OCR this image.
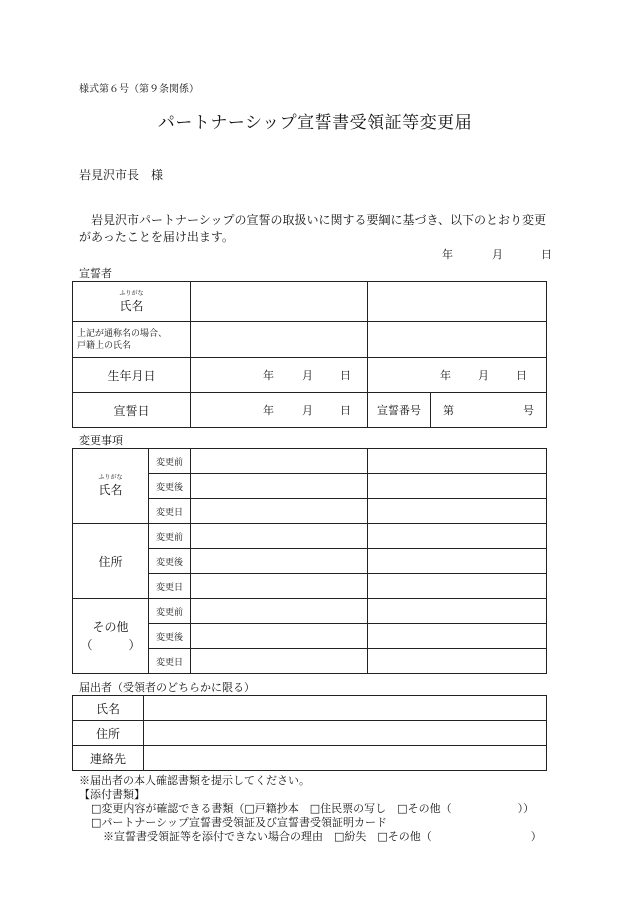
様式第６号（第９条関係）
パートナーシップ宣誓書受領証等変更届
岩見沢市長　様
岩見沢市パートナーシップの宣誓の取扱いに関する要綱に基づき、以下のとおり変更
があったことを届け出ます。
年	月	日
宣誓者
ふりがな
氏名			
上記が通称名の場合、
戸籍上の氏名			
生年月日	年 月 日	年 月 日	

宣誓日	年 月 日	宣誓番号	第 号
変更事項
ふりがな
氏名	変更前		
	変更後		
	変更日		
住所	変更前		
	変更後		
	変更日		
その他
（　　　）	変更前		
	変更後		
	変更日		
届出者（受領者のどちらかに限る）
氏名	
住所	
連絡先	
※届出者の本人確認書類を提示してください。
【添付書類】
□変更内容が確認できる書類（□戸籍抄本　□住民票の写し　□その他（　　　　　　））
□パートナーシップ宣誓書受領証及び宣誓書受領証明カード
※宣誓書受領証等を添付できない場合の理由　□紛失　□その他（　　　　　　　　　）
